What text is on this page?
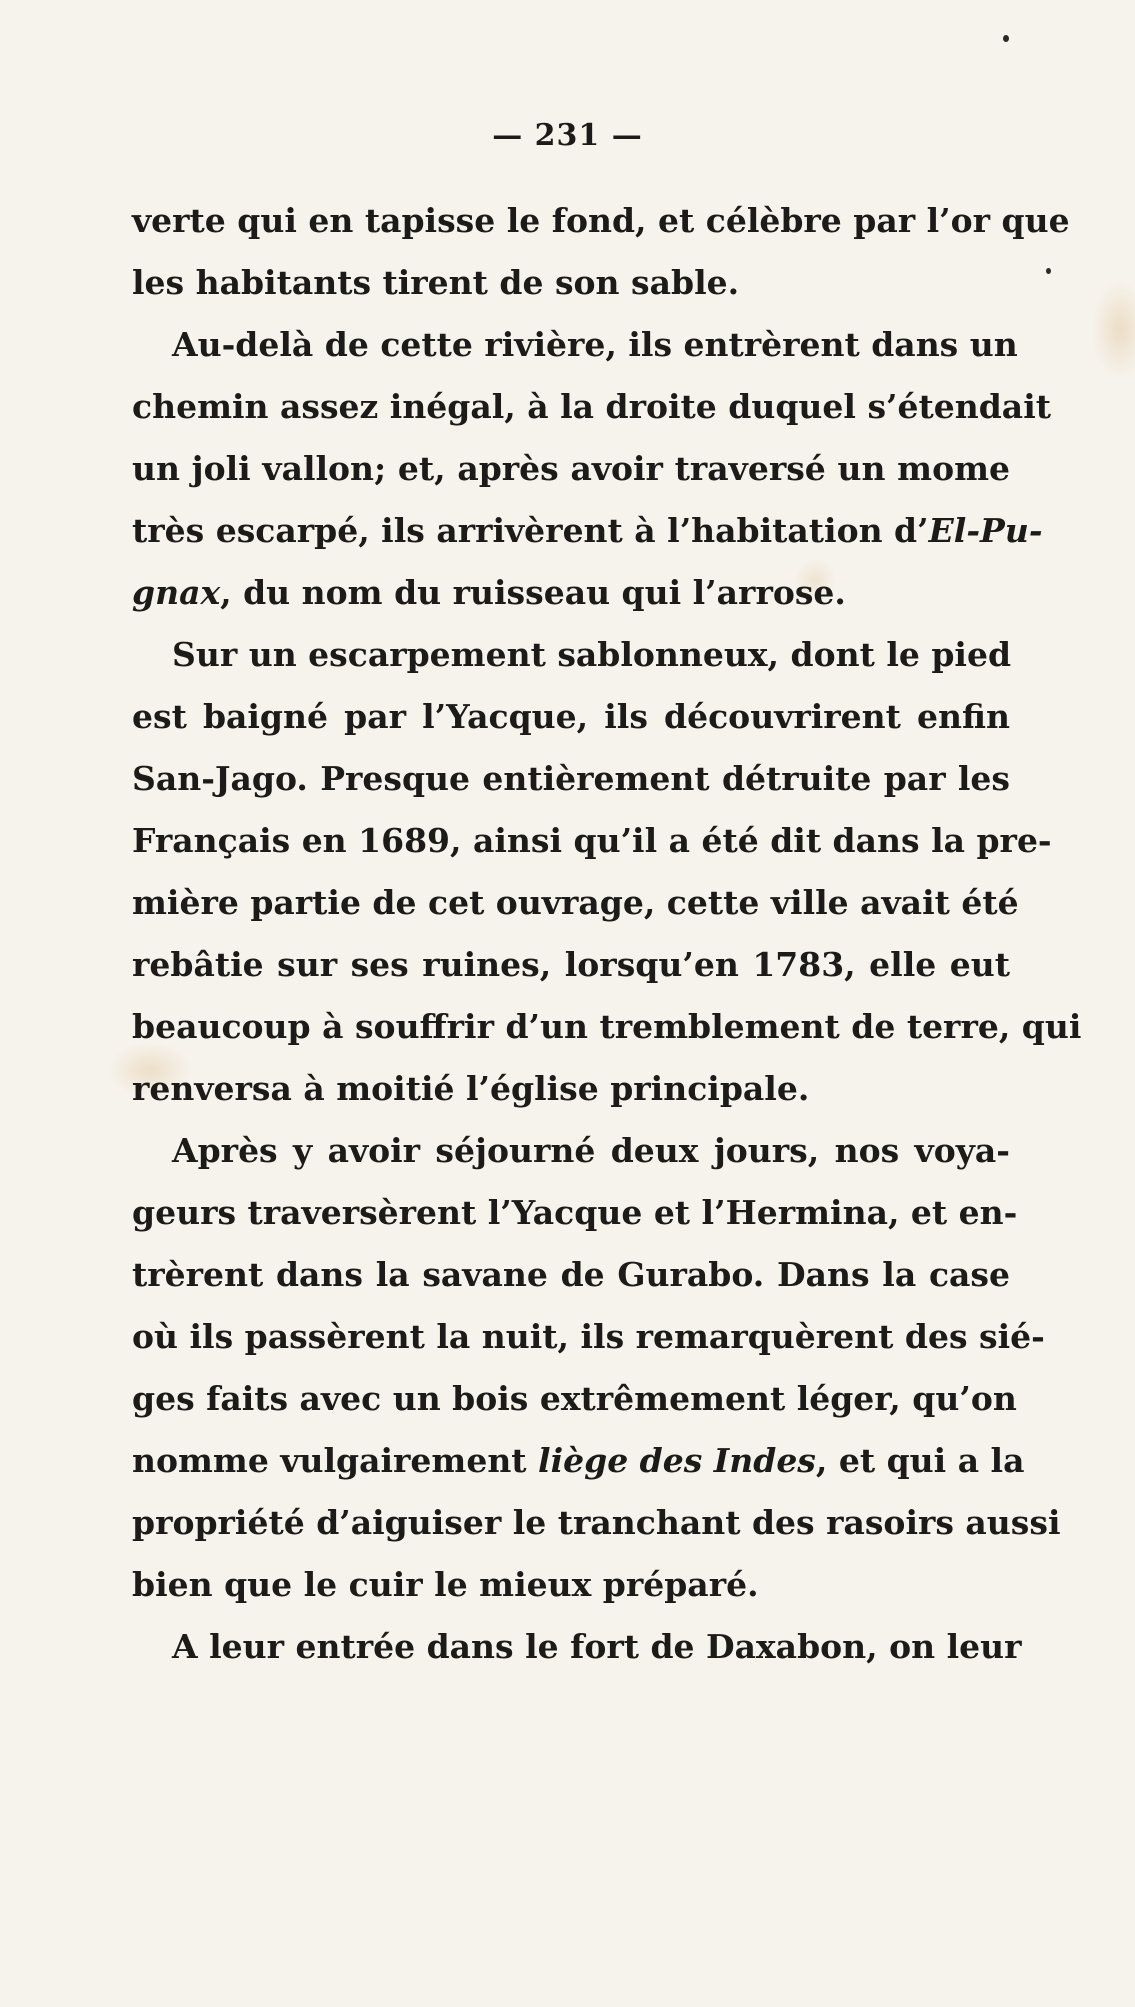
— 231 —
verte qui en tapisse le fond, et célèbre par l’or que
les habitants tirent de son sable.
Au-delà de cette rivière, ils entrèrent dans un
chemin assez inégal, à la droite duquel s’étendait
un joli vallon; et, après avoir traversé un mome
très escarpé, ils arrivèrent à l’habitation d’El-Pu-
gnax, du nom du ruisseau qui l’arrose.
Sur un escarpement sablonneux, dont le pied
est baigné par l’Yacque, ils découvrirent enfin
San-Jago. Presque entièrement détruite par les
Français en 1689, ainsi qu’il a été dit dans la pre-
mière partie de cet ouvrage, cette ville avait été
rebâtie sur ses ruines, lorsqu’en 1783, elle eut
beaucoup à souffrir d’un tremblement de terre, qui
renversa à moitié l’église principale.
Après y avoir séjourné deux jours, nos voya-
geurs traversèrent l’Yacque et l’Hermina, et en-
trèrent dans la savane de Gurabo. Dans la case
où ils passèrent la nuit, ils remarquèrent des sié-
ges faits avec un bois extrêmement léger, qu’on
nomme vulgairement liège des Indes, et qui a la
propriété d’aiguiser le tranchant des rasoirs aussi
bien que le cuir le mieux préparé.
A leur entrée dans le fort de Daxabon, on leur
